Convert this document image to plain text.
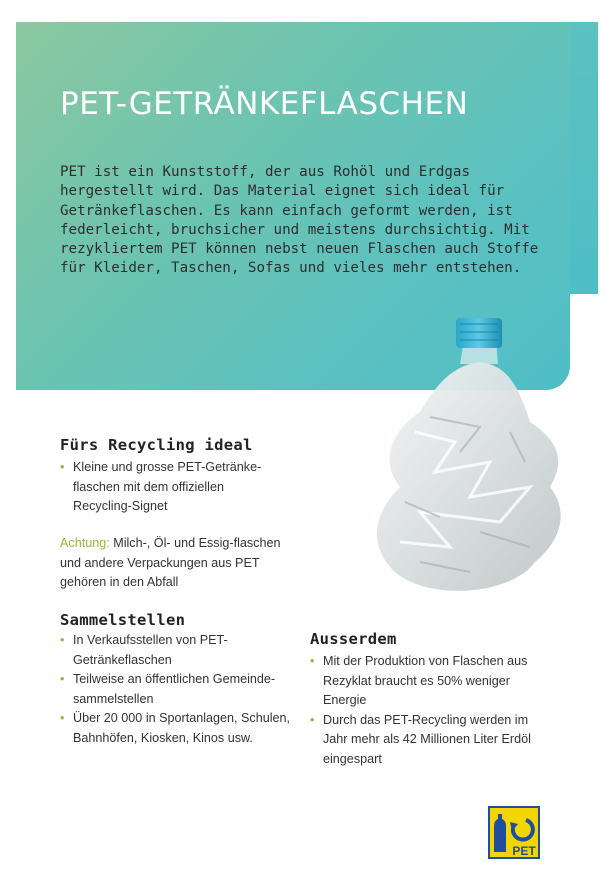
PET-GETRÄNKEFLASCHEN

PET ist ein Kunststoff, der aus Rohöl und Erdgas hergestellt wird. Das Material eignet sich ideal für Getränkeflaschen. Es kann einfach geformt werden, ist federleicht, bruchsicher und meistens durchsichtig. Mit rezykliertem PET können nebst neuen Flaschen auch Stoffe für Kleider, Taschen, Sofas und vieles mehr entstehen.

Fürs Recycling ideal
• Kleine und grosse PET-Getränke-flaschen mit dem offiziellen Recycling-Signet

Achtung: Milch-, Öl- und Essig-flaschen und andere Verpackungen aus PET gehören in den Abfall

Sammelstellen
• In Verkaufsstellen von PET-Getränkeflaschen
• Teilweise an öffentlichen Gemeinde-sammelstellen
• Über 20 000 in Sportanlagen, Schulen, Bahnhöfen, Kiosken, Kinos usw.
Ausserdem
• Mit der Produktion von Flaschen aus Rezyklat braucht es 50% weniger Energie
• Durch das PET-Recycling werden im Jahr mehr als 42 Millionen Liter Erdöl eingespart
PET
